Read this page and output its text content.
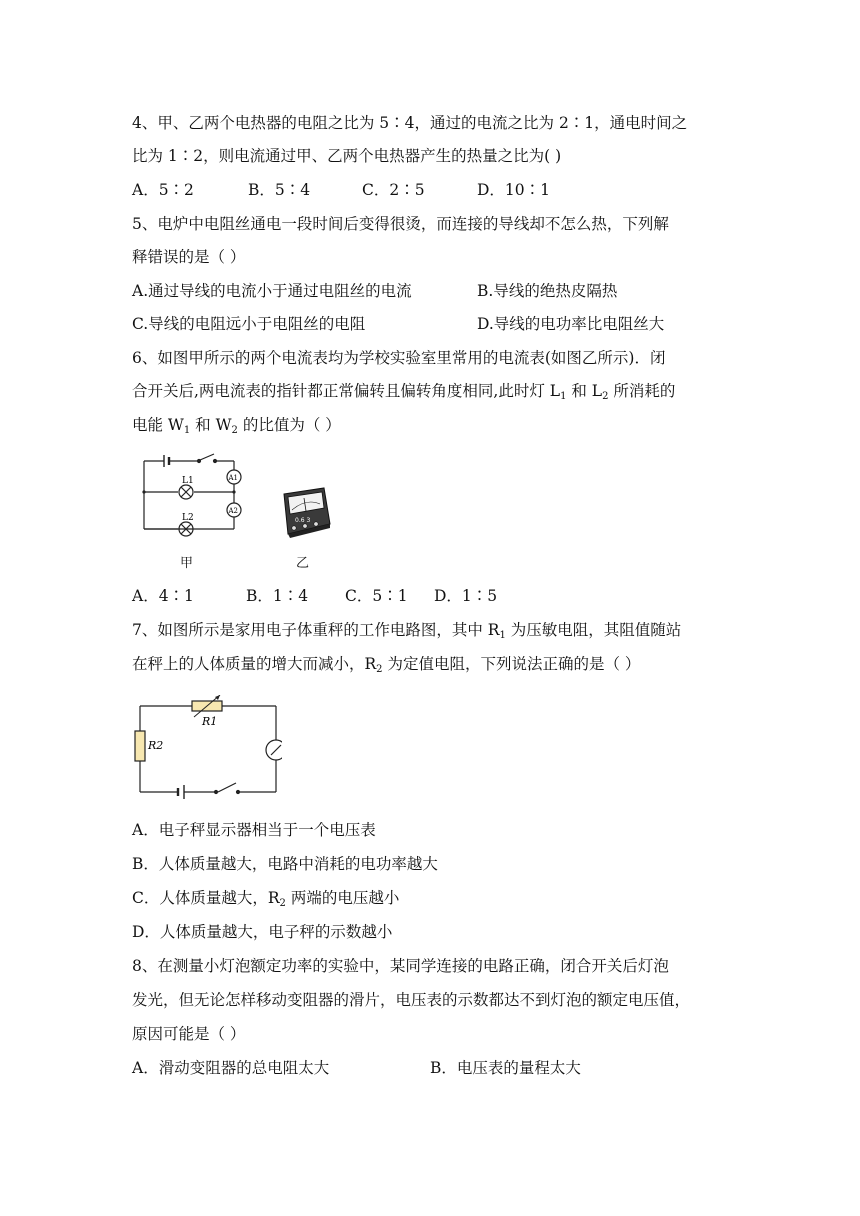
4、甲、乙两个电热器的电阻之比为 5∶4，通过的电流之比为 2∶1，通电时间之
比为 1∶2，则电流通过甲、乙两个电热器产生的热量之比为( )
A．5∶2	B．5∶4	C．2∶5	D．10∶1
5、电炉中电阻丝通电一段时间后变得很烫，而连接的导线却不怎么热，下列解
释错误的是（ ）
A.通过导线的电流小于通过电阻丝的电流	B.导线的绝热皮隔热
C.导线的电阻远小于电阻丝的电阻	D.导线的电功率比电阻丝大
6、如图甲所示的两个电流表均为学校实验室里常用的电流表(如图乙所示)．闭
合开关后,两电流表的指针都正常偏转且偏转角度相同,此时灯 $L_1$ 和 $L_2$ 所消耗的
电能 $W_1$ 和 $W_2$ 的比值为（ ）
L1
L2
A1
A2
甲
0.6 3
乙
A．4∶1	B．1∶4 C．5∶1 D．1∶5
7、如图所示是家用电子体重秤的工作电路图，其中 $R_1$ 为压敏电阻，其阻值随站
在秤上的人体质量的增大而减小，$R_2$ 为定值电阻，下列说法正确的是（ ）
R1
R2
A．电子秤显示器相当于一个电压表
B．人体质量越大，电路中消耗的电功率越大
C．人体质量越大，$R_2$ 两端的电压越小
D．人体质量越大，电子秤的示数越小
8、在测量小灯泡额定功率的实验中，某同学连接的电路正确，闭合开关后灯泡
发光，但无论怎样移动变阻器的滑片，电压表的示数都达不到灯泡的额定电压值，
原因可能是（ ）
A．滑动变阻器的总电阻太大	B．电压表的量程太大
